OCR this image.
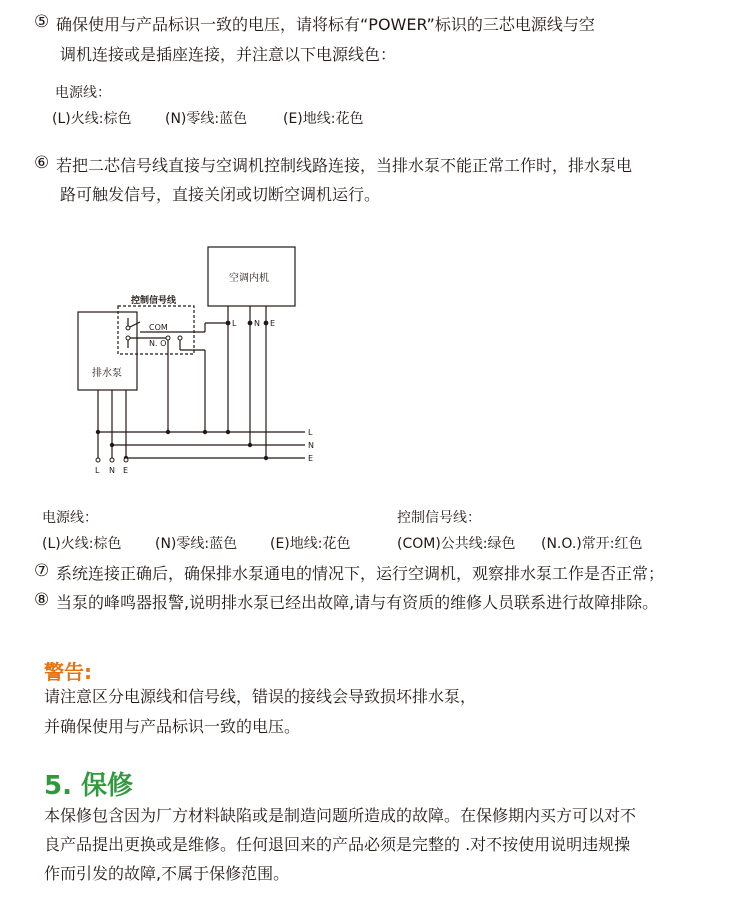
⑤ 确保使用与产品标识一致的电压，请将标有“POWER”标识的三芯电源线与空
调机连接或是插座连接，并注意以下电源线色：
电源线：
(L)火线:棕色 (N)零线:蓝色	(E)地线:花色
⑥ 若把二芯信号线直接与空调机控制线路连接，当排水泵不能正常工作时，排水泵电
路可触发信号，直接关闭或切断空调机运行。
空调内机
排水泵
控制信号线
COM
N. O
L N E
L
N
E
L N E
电源线：
(L)火线:棕色 (N)零线:蓝色 (E)地线:花色
控制信号线：
(COM)公共线:绿色 (N.O.)常开:红色
⑦ 系统连接正确后，确保排水泵通电的情况下，运行空调机，观察排水泵工作是否正常；
⑧ 当泵的峰鸣器报警,说明排水泵已经出故障,请与有资质的维修人员联系进行故障排除。
警告:
请注意区分电源线和信号线，错误的接线会导致损坏排水泵，
并确保使用与产品标识一致的电压。
5. 保修
本保修包含因为厂方材料缺陷或是制造问题所造成的故障。在保修期内买方可以对不
良产品提出更换或是维修。任何退回来的产品必须是完整的 .对不按使用说明违规操
作而引发的故障,不属于保修范围。
